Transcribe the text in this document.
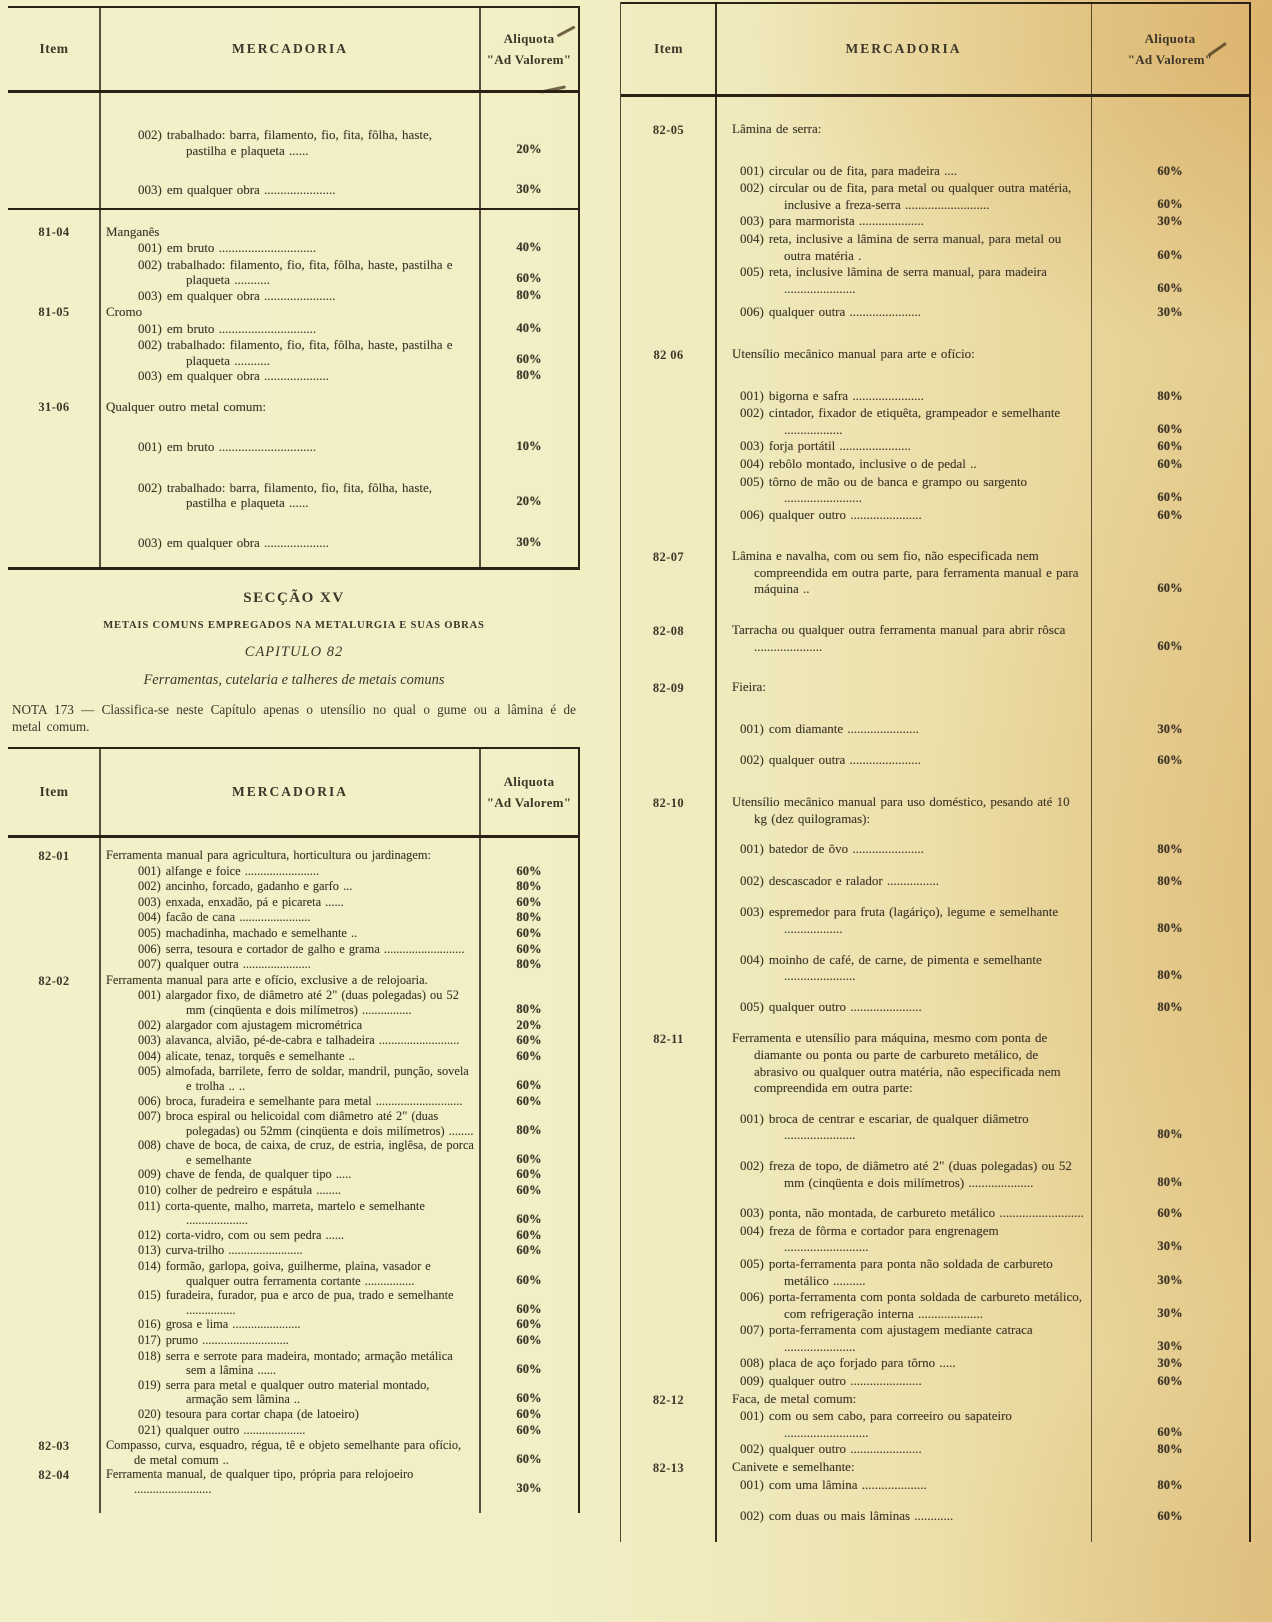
Item	MERCADORIA
Aliquota
"Ad Valorem"
002) trabalhado: barra, filamento, fio, fita, fôlha, haste, pastilha e plaqueta ......	20%
003) em qualquer obra ......................	30%
81-04	Manganês
001) em bruto ..............................	40%
002) trabalhado: filamento, fio, fita, fôlha, haste, pastilha e plaqueta ...........	60%
003) em qualquer obra ......................	80%
81-05	Cromo
001) em bruto ..............................	40%
002) trabalhado: filamento, fio, fita, fôlha, haste, pastilha e plaqueta ...........	60%
003) em qualquer obra ....................	80%
31-06	Qualquer outro metal comum:
001) em bruto ..............................	10%
002) trabalhado: barra, filamento, fio, fita, fôlha, haste, pastilha e plaqueta ......	20%
003) em qualquer obra ....................	30%
SECÇÃO XV
METAIS COMUNS EMPREGADOS NA METALURGIA E SUAS OBRAS
CAPITULO 82
Ferramentas, cutelaria e talheres de metais comuns
NOTA 173 — Classifica-se neste Capítulo apenas o utensílio no qual o gume ou a lâmina é de metal comum.
Item	MERCADORIA
Aliquota
"Ad Valorem"
82-01	Ferramenta manual para agricultura, horticultura ou jardinagem:
001) alfange e foice ........................	60%
002) ancinho, forcado, gadanho e garfo ...	80%
003) enxada, enxadão, pá e picareta ......	60%
004) facão de cana .......................	80%
005) machadinha, machado e semelhante ..	60%
006) serra, tesoura e cortador de galho e grama ..........................	60%
007) qualquer outra ......................	80%
82-02	Ferramenta manual para arte e ofício, exclusive a de relojoaria.
001) alargador fixo, de diâmetro até 2" (duas polegadas) ou 52 mm (cinqüenta e dois milímetros) ................	80%
002) alargador com ajustagem micrométrica	20%
003) alavanca, alvião, pé-de-cabra e talhadeira ..........................	60%
004) alicate, tenaz, torquês e semelhante ..	60%
005) almofada, barrilete, ferro de soldar, mandril, punção, sovela e trolha .. ..	60%
006) broca, furadeira e semelhante para metal ............................	60%
007) broca espiral ou helicoidal com diâmetro até 2" (duas polegadas) ou 52mm (cinqüenta e dois milímetros) ........	80%
008) chave de boca, de caixa, de cruz, de estria, inglêsa, de porca e semelhante	60%
009) chave de fenda, de qualquer tipo .....	60%
010) colher de pedreiro e espátula ........	60%
011) corta-quente, malho, marreta, martelo e semelhante ....................	60%
012) corta-vidro, com ou sem pedra ......	60%
013) curva-trilho ........................	60%
014) formão, garlopa, goiva, guilherme, plaina, vasador e qualquer outra ferramenta cortante ................	60%
015) furadeira, furador, pua e arco de pua, trado e semelhante ................	60%
016) grosa e lima ......................	60%
017) prumo ............................	60%
018) serra e serrote para madeira, montado; armação metálica sem a lâmina ......	60%
019) serra para metal e qualquer outro material montado, armação sem lâmina ..	60%
020) tesoura para cortar chapa (de latoeiro)	60%
021) qualquer outro ....................	60%
82-03	Compasso, curva, esquadro, régua, tê e objeto semelhante para ofício, de metal comum ..	60%
82-04	Ferramenta manual, de qualquer tipo, própria para relojoeiro .........................	30%
Item	MERCADORIA
Aliquota
"Ad Valorem"
82-05	Lâmina de serra:
001) circular ou de fita, para madeira ....	60%
002) circular ou de fita, para metal ou qualquer outra matéria, inclusive a freza-serra ..........................	60%
003) para marmorista ....................	30%
004) reta, inclusive a lâmina de serra manual, para metal ou outra matéria .	60%
005) reta, inclusive lâmina de serra manual, para madeira ......................	60%
006) qualquer outra ......................	30%
82 06	Utensílio mecânico manual para arte e ofício:
001) bigorna e safra ......................	80%
002) cintador, fixador de etiquêta, grampeador e semelhante ..................	60%
003) forja portátil ......................	60%
004) rebôlo montado, inclusive o de pedal ..	60%
005) tôrno de mão ou de banca e grampo ou sargento ........................	60%
006) qualquer outro ......................	60%
82-07	Lâmina e navalha, com ou sem fio, não especificada nem compreendida em outra parte, para ferramenta manual e para máquina ..	60%
82-08	Tarracha ou qualquer outra ferramenta manual para abrir rôsca .....................	60%
82-09	Fieira:
001) com diamante ......................	30%
002) qualquer outra ......................	60%
82-10	Utensílio mecânico manual para uso doméstico, pesando até 10 kg (dez quilogramas):
001) batedor de ôvo ......................	80%
002) descascador e ralador ................	80%
003) espremedor para fruta (lagáriço), legume e semelhante ..................	80%
004) moinho de café, de carne, de pimenta e semelhante ......................	80%
005) qualquer outro ......................	80%
82-11	Ferramenta e utensílio para máquina, mesmo com ponta de diamante ou ponta ou parte de carbureto metálico, de abrasivo ou qualquer outra matéria, não especificada nem compreendida em outra parte:
001) broca de centrar e escariar, de qualquer diâmetro ......................	80%
002) freza de topo, de diâmetro até 2" (duas polegadas) ou 52 mm (cinqüenta e dois milímetros) ....................	80%
003) ponta, não montada, de carbureto metálico ..........................	60%
004) freza de fôrma e cortador para engrenagem ..........................	30%
005) porta-ferramenta para ponta não soldada de carbureto metálico ..........	30%
006) porta-ferramenta com ponta soldada de carbureto metálico, com refrigeração interna ....................	30%
007) porta-ferramenta com ajustagem mediante catraca ......................	30%
008) placa de aço forjado para tôrno .....	30%
009) qualquer outro ......................	60%
82-12	Faca, de metal comum:
001) com ou sem cabo, para correeiro ou sapateiro ..........................	60%
002) qualquer outro ......................	80%
82-13	Canivete e semelhante:
001) com uma lâmina ....................	80%
002) com duas ou mais lâminas ............	60%
